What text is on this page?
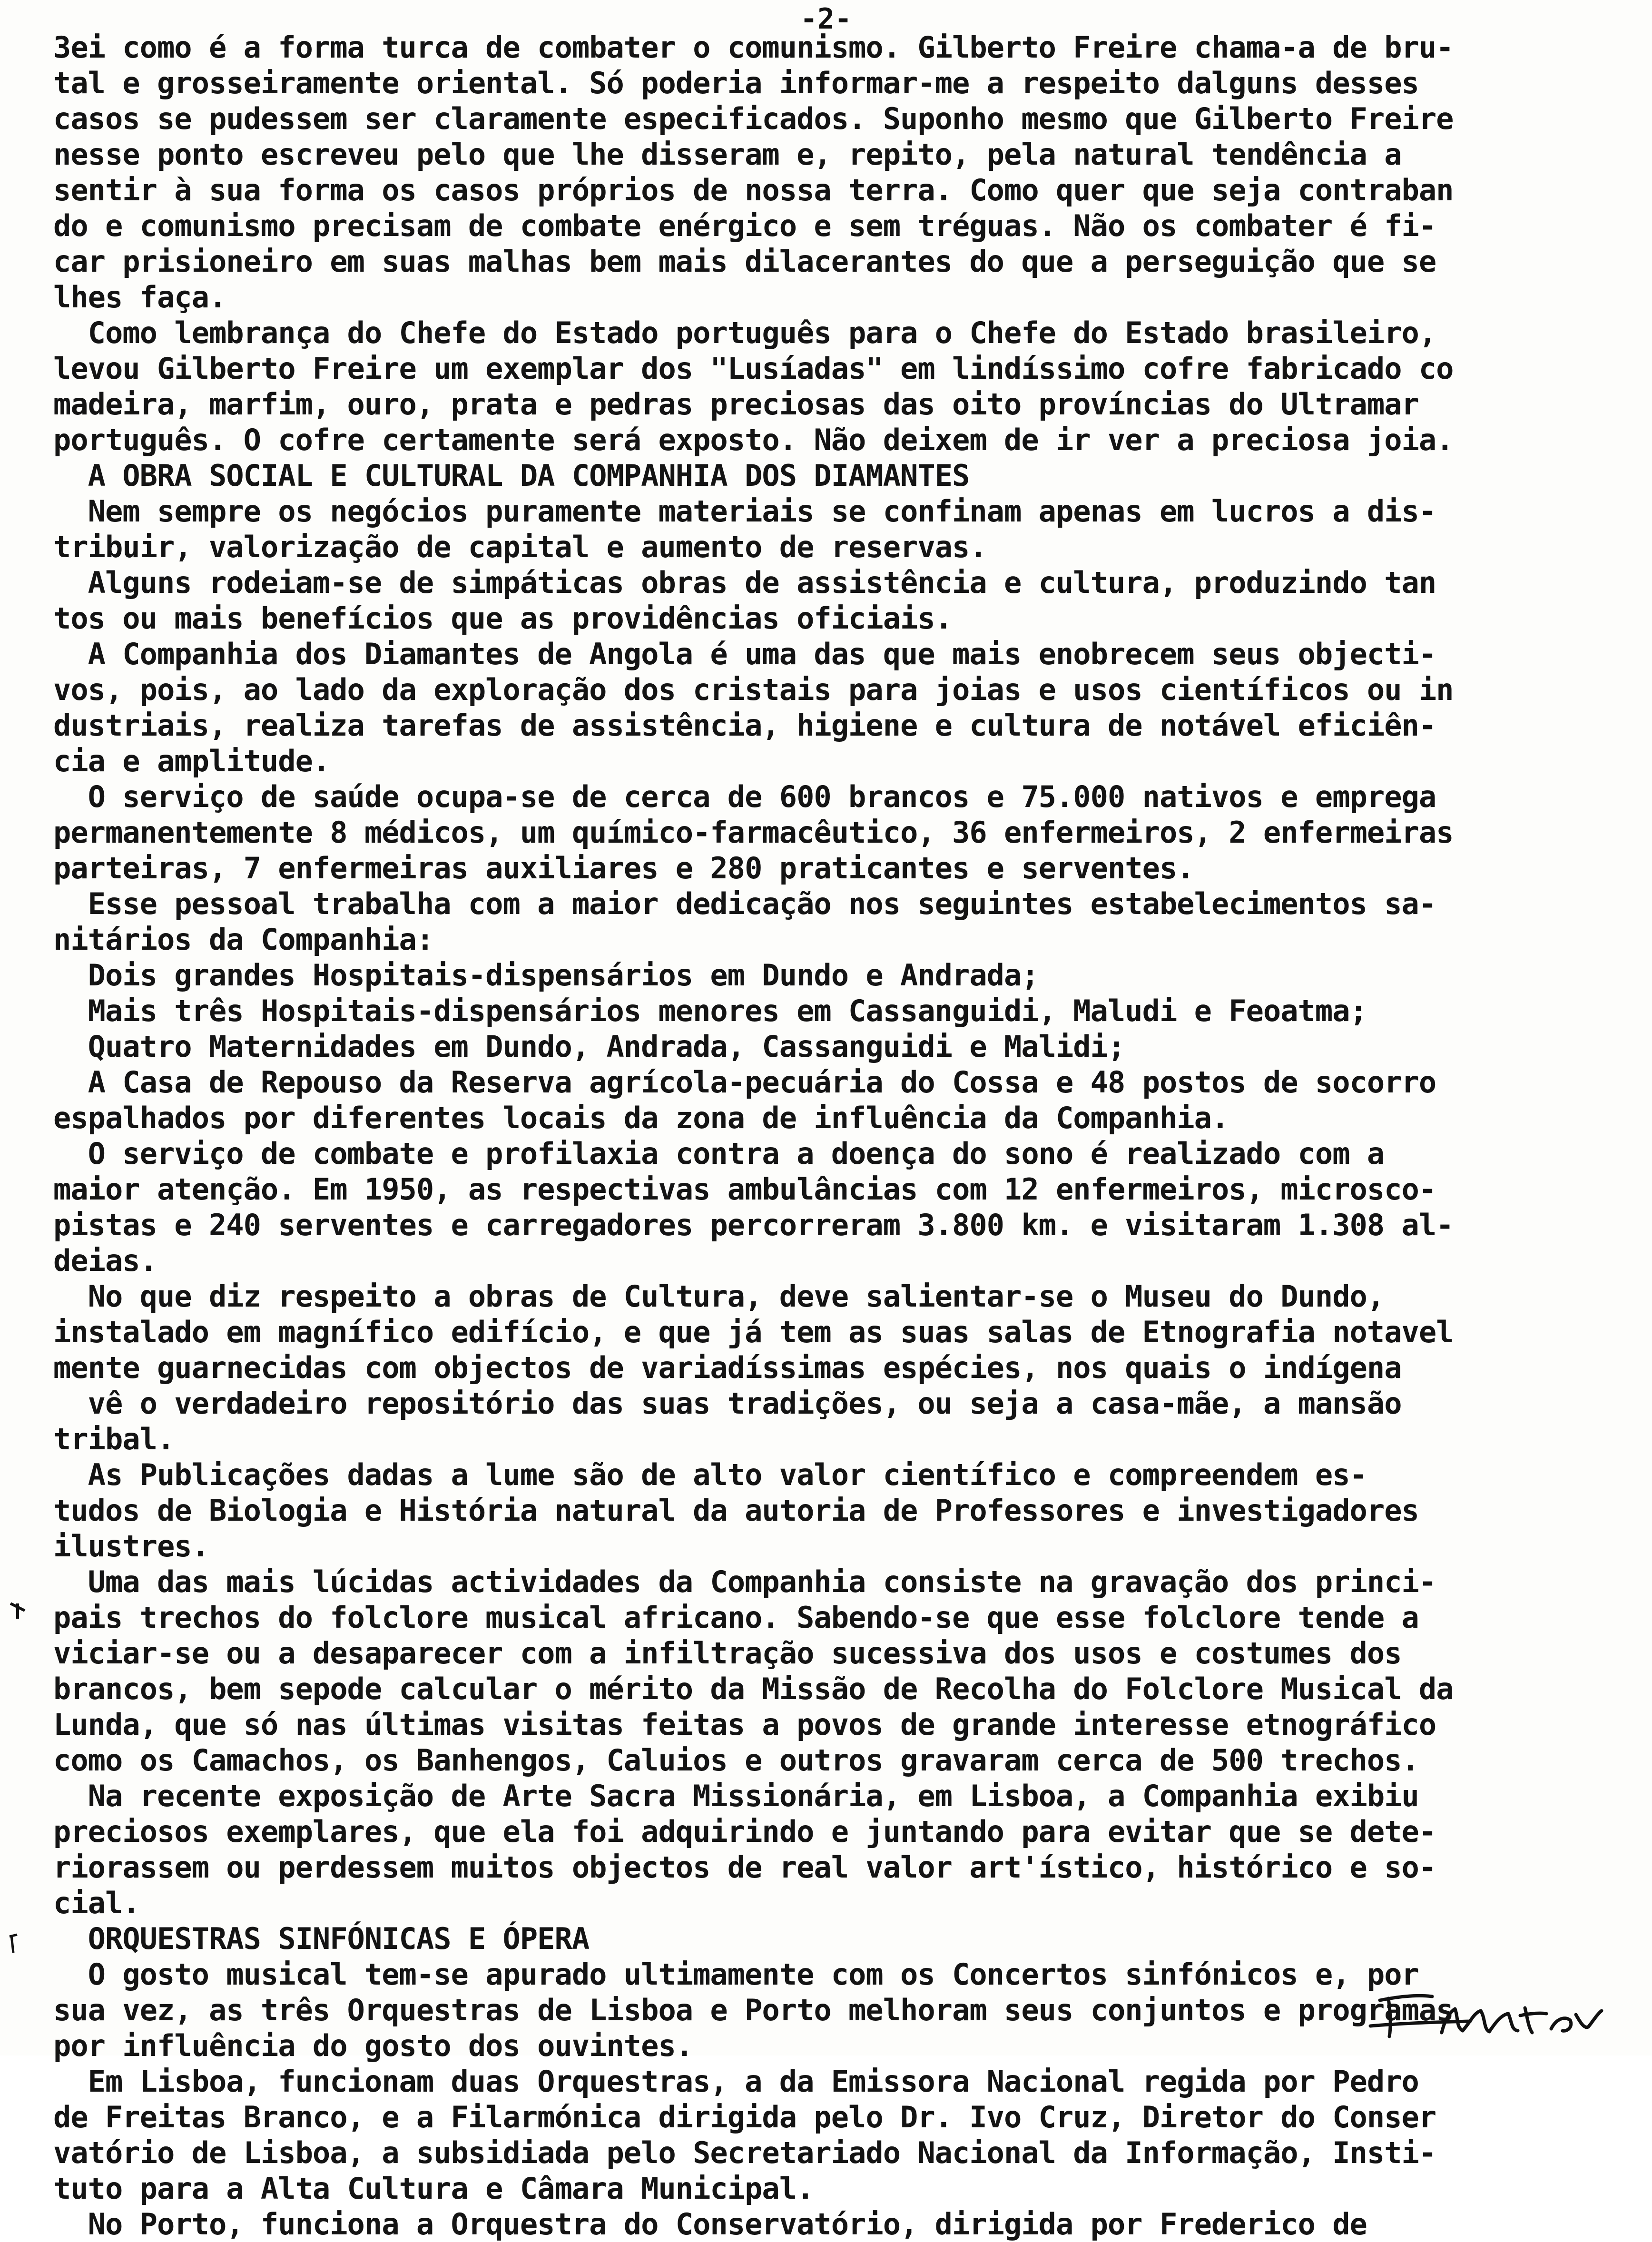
-2-
3ei como é a forma turca de combater o comunismo. Gilberto Freire chama-a de bru-
tal e grosseiramente oriental. Só poderia informar-me a respeito dalguns desses
casos se pudessem ser claramente especificados. Suponho mesmo que Gilberto Freire
nesse ponto escreveu pelo que lhe disseram e, repito, pela natural tendência a
sentir à sua forma os casos próprios de nossa terra. Como quer que seja contraban
do e comunismo precisam de combate enérgico e sem tréguas. Não os combater é fi-
car prisioneiro em suas malhas bem mais dilacerantes do que a perseguição que se
lhes faça.
Como lembrança do Chefe do Estado português para o Chefe do Estado brasileiro,
levou Gilberto Freire um exemplar dos "Lusíadas" em lindíssimo cofre fabricado co
madeira, marfim, ouro, prata e pedras preciosas das oito províncias do Ultramar
português. O cofre certamente será exposto. Não deixem de ir ver a preciosa joia.
A OBRA SOCIAL E CULTURAL DA COMPANHIA DOS DIAMANTES
Nem sempre os negócios puramente materiais se confinam apenas em lucros a dis-
tribuir, valorização de capital e aumento de reservas.
Alguns rodeiam-se de simpáticas obras de assistência e cultura, produzindo tan
tos ou mais benefícios que as providências oficiais.
A Companhia dos Diamantes de Angola é uma das que mais enobrecem seus objecti-
vos, pois, ao lado da exploração dos cristais para joias e usos científicos ou in
dustriais, realiza tarefas de assistência, higiene e cultura de notável eficiên-
cia e amplitude.
O serviço de saúde ocupa-se de cerca de 600 brancos e 75.000 nativos e emprega
permanentemente 8 médicos, um químico-farmacêutico, 36 enfermeiros, 2 enfermeiras
parteiras, 7 enfermeiras auxiliares e 280 praticantes e serventes.
Esse pessoal trabalha com a maior dedicação nos seguintes estabelecimentos sa-
nitários da Companhia:
Dois grandes Hospitais-dispensários em Dundo e Andrada;
Mais três Hospitais-dispensários menores em Cassanguidi, Maludi e Feoatma;
Quatro Maternidades em Dundo, Andrada, Cassanguidi e Malidi;
A Casa de Repouso da Reserva agrícola-pecuária do Cossa e 48 postos de socorro
espalhados por diferentes locais da zona de influência da Companhia.
O serviço de combate e profilaxia contra a doença do sono é realizado com a
maior atenção. Em 1950, as respectivas ambulâncias com 12 enfermeiros, microsco-
pistas e 240 serventes e carregadores percorreram 3.800 km. e visitaram 1.308 al-
deias.
No que diz respeito a obras de Cultura, deve salientar-se o Museu do Dundo,
instalado em magnífico edifício, e que já tem as suas salas de Etnografia notavel
mente guarnecidas com objectos de variadíssimas espécies, nos quais o indígena
vê o verdadeiro repositório das suas tradições, ou seja a casa-mãe, a mansão
tribal.
As Publicações dadas a lume são de alto valor científico e compreendem es-
tudos de Biologia e História natural da autoria de Professores e investigadores
ilustres.
Uma das mais lúcidas actividades da Companhia consiste na gravação dos princi-
pais trechos do folclore musical africano. Sabendo-se que esse folclore tende a
viciar-se ou a desaparecer com a infiltração sucessiva dos usos e costumes dos
brancos, bem sepode calcular o mérito da Missão de Recolha do Folclore Musical da
Lunda, que só nas últimas visitas feitas a povos de grande interesse etnográfico
como os Camachos, os Banhengos, Caluios e outros gravaram cerca de 500 trechos.
Na recente exposição de Arte Sacra Missionária, em Lisboa, a Companhia exibiu
preciosos exemplares, que ela foi adquirindo e juntando para evitar que se dete-
riorassem ou perdessem muitos objectos de real valor art'ístico, histórico e so-
cial.
ORQUESTRAS SINFÓNICAS E ÓPERA
O gosto musical tem-se apurado ultimamente com os Concertos sinfónicos e, por
sua vez, as três Orquestras de Lisboa e Porto melhoram seus conjuntos e programas
por influência do gosto dos ouvintes.
Em Lisboa, funcionam duas Orquestras, a da Emissora Nacional regida por Pedro
de Freitas Branco, e a Filarmónica dirigida pelo Dr. Ivo Cruz, Diretor do Conser
vatório de Lisboa, a subsidiada pelo Secretariado Nacional da Informação, Insti-
tuto para a Alta Cultura e Câmara Municipal.
No Porto, funciona a Orquestra do Conservatório, dirigida por Frederico de
